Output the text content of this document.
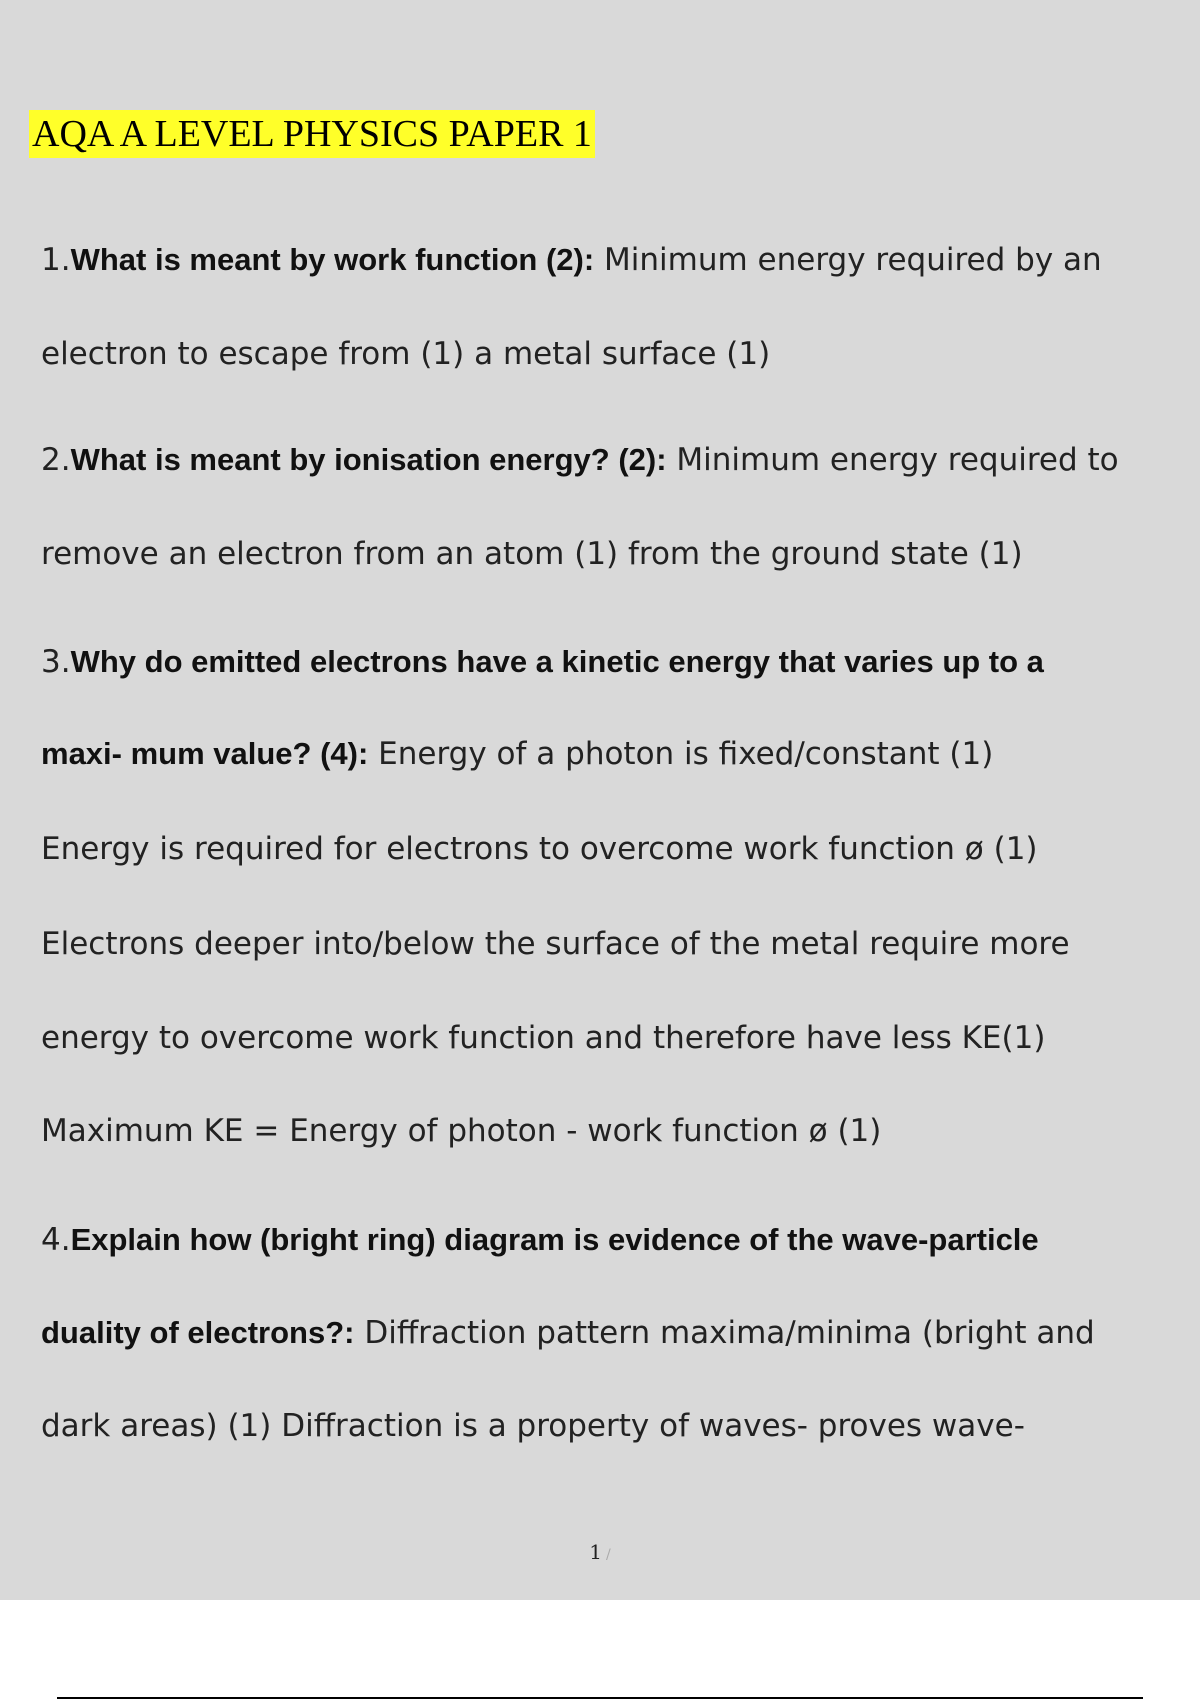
AQA A LEVEL PHYSICS PAPER 1
1.What is meant by work function (2): Minimum energy required by an
electron to escape from (1) a metal surface (1)
2.What is meant by ionisation energy? (2): Minimum energy required to
remove an electron from an atom (1) from the ground state (1)
3.Why do emitted electrons have a kinetic energy that varies up to a
maxi- mum value? (4): Energy of a photon is fixed/constant (1)
Energy is required for electrons to overcome work function ø (1)
Electrons deeper into/below the surface of the metal require more
energy to overcome work function and therefore have less KE(1)
Maximum KE = Energy of photon - work function ø (1)
4.Explain how (bright ring) diagram is evidence of the wave-particle
duality of electrons?: Diffraction pattern maxima/minima (bright and
dark areas) (1) Diffraction is a property of waves- proves wave-
1 /
